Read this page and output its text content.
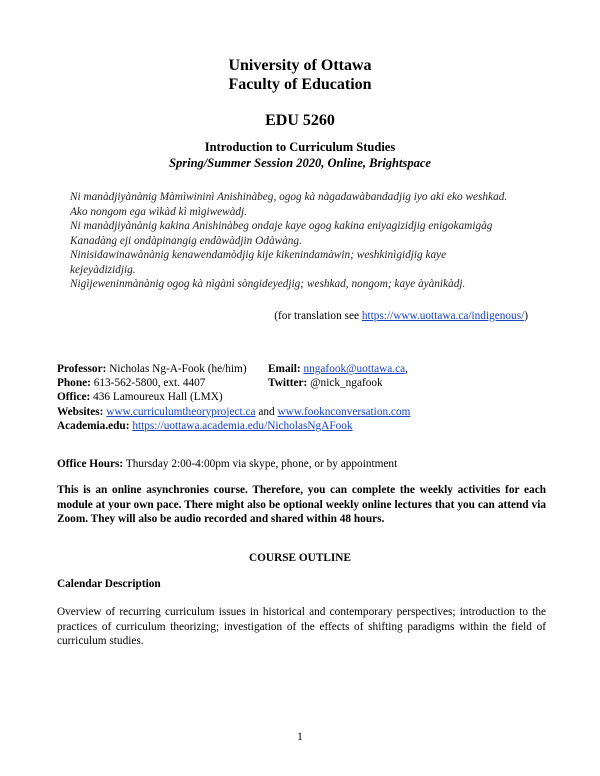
University of Ottawa
Faculty of Education
EDU 5260
Introduction to Curriculum Studies
Spring/Summer Session 2020, Online, Brightspace
Ni manàdjiyànànig Màmìwininì Anishinàbeg, ogog kà nàgadawàbandadjig iyo aki eko weshkad.
Ako nongom ega wìkàd kì mìgiwewàdj.
Ni manàdjiyànànig kakina Anishinàbeg ondaje kaye ogog kakina eniyagizidjig enigokamigàg
Kanadàng eji ondàpinangig endàwàdjin Odàwàng.
Ninisidawinawànànig kenawendamòdjig kije kikenindamàwin; weshkinìgidjig kaye
kejeyàdizidjig.
Nigìjeweninmànànig ogog kà nìgànì sòngideyedjig; weshkad, nongom; kaye àyànikàdj.
(for translation see https://www.uottawa.ca/indigenous/)
Professor: Nicholas Ng-A-Fook (he/him) Email: nngafook@uottawa.ca,
Phone: 613-562-5800, ext. 4407	Twitter: @nick_ngafook
Office: 436 Lamoureux Hall (LMX)
Websites: www.curriculumtheoryproject.ca and www.fooknconversation.com
Academia.edu: https://uottawa.academia.edu/NicholasNgAFook
Office Hours: Thursday 2:00-4:00pm via skype, phone, or by appointment
This is an online asynchronies course. Therefore, you can complete the weekly activities for each module at your own pace. There might also be optional weekly online lectures that you can attend via Zoom. They will also be audio recorded and shared within 48 hours.
COURSE OUTLINE
Calendar Description
Overview of recurring curriculum issues in historical and contemporary perspectives; introduction to the practices of curriculum theorizing; investigation of the effects of shifting paradigms within the field of curriculum studies.
1
